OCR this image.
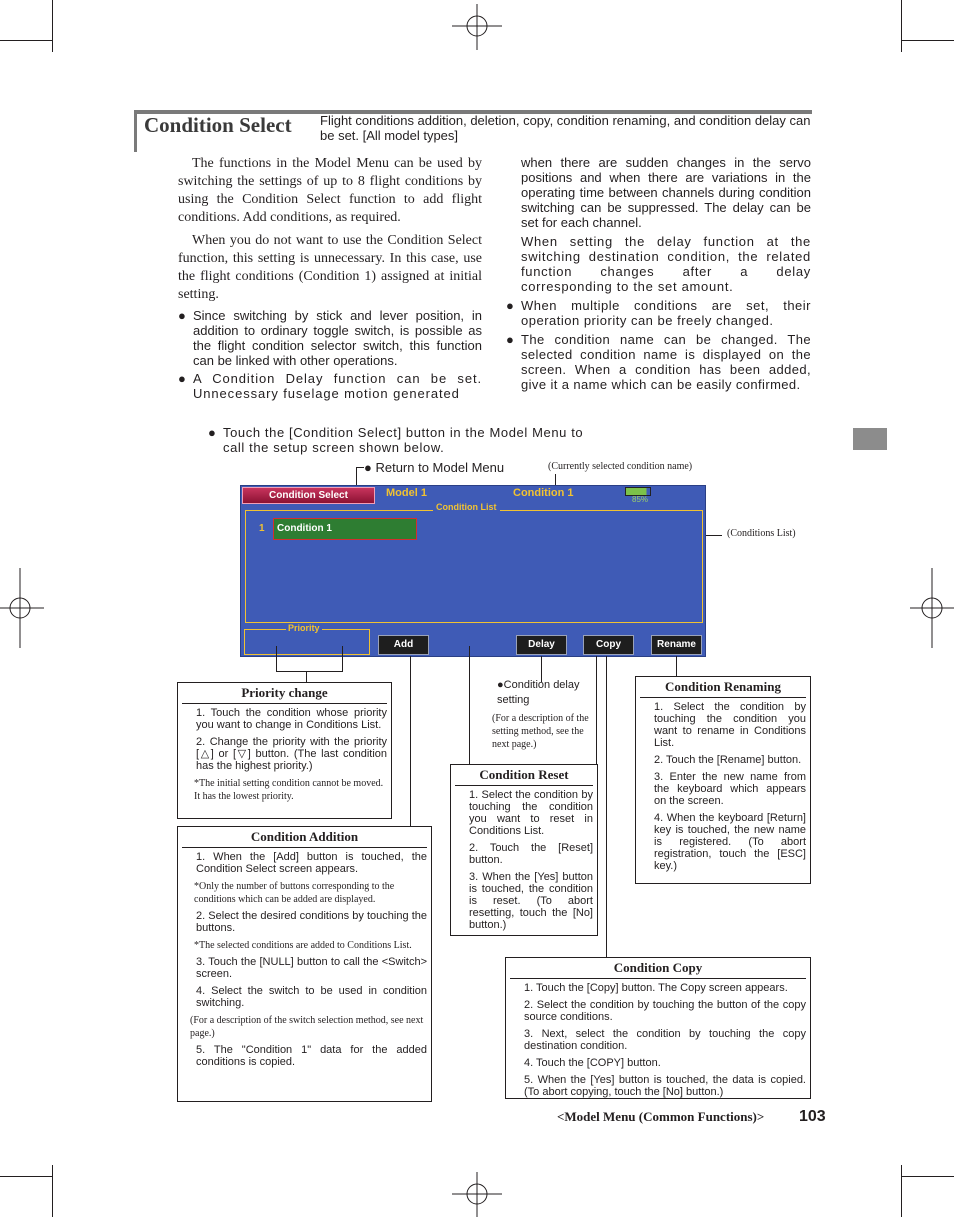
Condition Select Flight conditions addition, deletion, copy, condition renaming, and condition delay can be set. [All model types]

The functions in the Model Menu can be used by switching the settings of up to 8 flight conditions by using the Condition Select function to add flight conditions. Add conditions, as required.

When you do not want to use the Condition Select function, this setting is unnecessary. In this case, use the flight conditions (Condition 1) assigned at initial setting.

● Since switching by stick and lever position, in addition to ordinary toggle switch, is possible as the flight condition selector switch, this function can be linked with other operations.
● A Condition Delay function can be set. Unnecessary fuselage motion generated

when there are sudden changes in the servo positions and when there are variations in the operating time between channels during condition switching can be suppressed. The delay can be set for each channel.

When setting the delay function at the switching destination condition, the related function changes after a delay corresponding to the set amount.

● When multiple conditions are set, their operation priority can be freely changed.
● The condition name can be changed. The selected condition name is displayed on the screen. When a condition has been added, give it a name which can be easily confirmed.
● Touch the [Condition Select] button in the Model Menu to call the setup screen shown below.
● Return to Model Menu	(Currently selected condition name)
(Conditions List)
Condition Select	Model 1	Condition 1
85%
Condition List
1	Condition 1
Priority
Add	Delay	Copy	Rename
●Condition delay setting
(For a description of the setting method, see the next page.)
Priority change
1. Touch the condition whose priority you want to change in Conditions List.
2. Change the priority with the priority [△] or [▽] button. (The last condition has the highest priority.)
*The initial setting condition cannot be moved. It has the lowest priority.
Condition Addition
1. When the [Add] button is touched, the Condition Select screen appears.
*Only the number of buttons corresponding to the conditions which can be added are displayed.
2. Select the desired conditions by touching the buttons.
*The selected conditions are added to Conditions List.
3. Touch the [NULL] button to call the <Switch> screen.
4. Select the switch to be used in condition switching.
(For a description of the switch selection method, see next page.)
5. The "Condition 1" data for the added conditions is copied.
Condition Reset
1. Select the condition by touching the condition you want to reset in Conditions List.
2. Touch the [Reset] button.
3. When the [Yes] button is touched, the condition is reset. (To abort resetting, touch the [No] button.)
Condition Renaming
1. Select the condition by touching the condition you want to rename in Conditions List.
2. Touch the [Rename] button.
3. Enter the new name from the keyboard which appears on the screen.
4. When the keyboard [Return] key is touched, the new name is registered. (To abort registration, touch the [ESC] key.)
Condition Copy
1. Touch the [Copy] button. The Copy screen appears.
2. Select the condition by touching the button of the copy source conditions.
3. Next, select the condition by touching the copy destination condition.
4. Touch the [COPY] button.
5. When the [Yes] button is touched, the data is copied. (To abort copying, touch the [No] button.)
<Model Menu (Common Functions)> 103
